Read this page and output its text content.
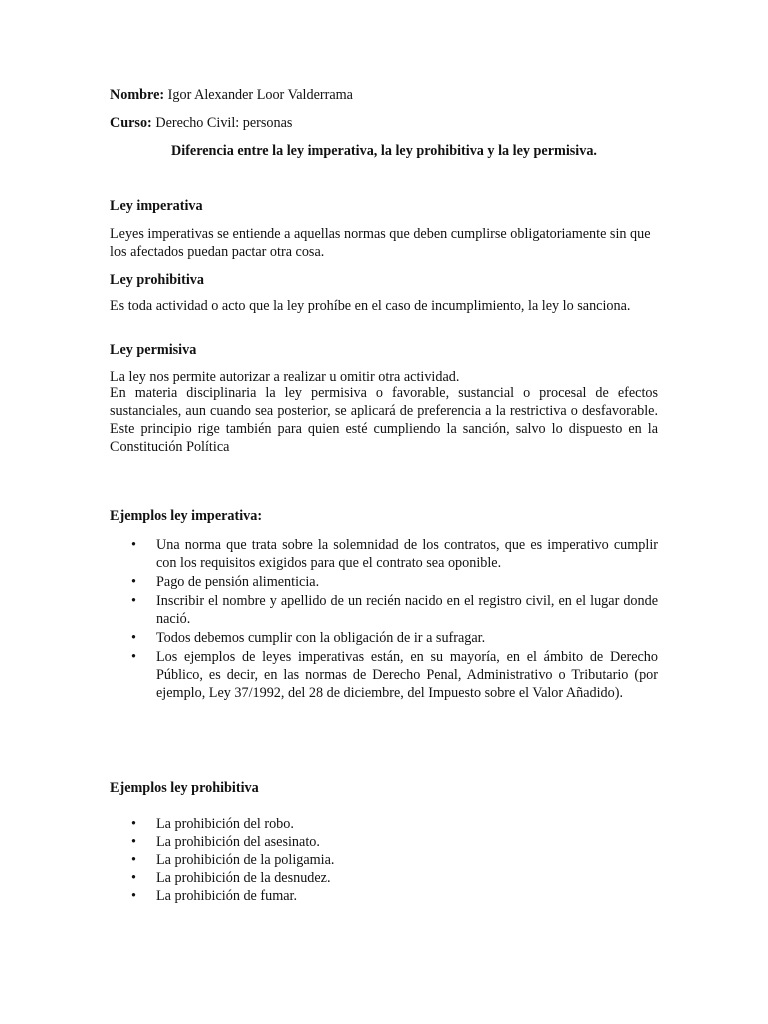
Nombre: Igor Alexander Loor Valderrama

Curso: Derecho Civil: personas

Diferencia entre la ley imperativa, la ley prohibitiva y la ley permisiva.

Ley imperativa

Leyes imperativas se entiende a aquellas normas que deben cumplirse obligatoriamente sin que los afectados puedan pactar otra cosa.

Ley prohibitiva

Es toda actividad o acto que la ley prohíbe en el caso de incumplimiento, la ley lo sanciona.

Ley permisiva

La ley nos permite autorizar a realizar u omitir otra actividad.

En materia disciplinaria la ley permisiva o favorable, sustancial o procesal de efectos sustanciales, aun cuando sea posterior, se aplicará de preferencia a la restrictiva o desfavorable. Este principio rige también para quien esté cumpliendo la sanción, salvo lo dispuesto en la Constitución Política

Ejemplos ley imperativa:

• Una norma que trata sobre la solemnidad de los contratos, que es imperativo cumplir con los requisitos exigidos para que el contrato sea oponible.
• Pago de pensión alimenticia.
• Inscribir el nombre y apellido de un recién nacido en el registro civil, en el lugar donde nació.
• Todos debemos cumplir con la obligación de ir a sufragar.
• Los ejemplos de leyes imperativas están, en su mayoría, en el ámbito de Derecho Público, es decir, en las normas de Derecho Penal, Administrativo o Tributario (por ejemplo, Ley 37/1992, del 28 de diciembre, del Impuesto sobre el Valor Añadido).

Ejemplos ley prohibitiva

• La prohibición del robo.
• La prohibición del asesinato.
• La prohibición de la poligamia.
• La prohibición de la desnudez.
• La prohibición de fumar.
